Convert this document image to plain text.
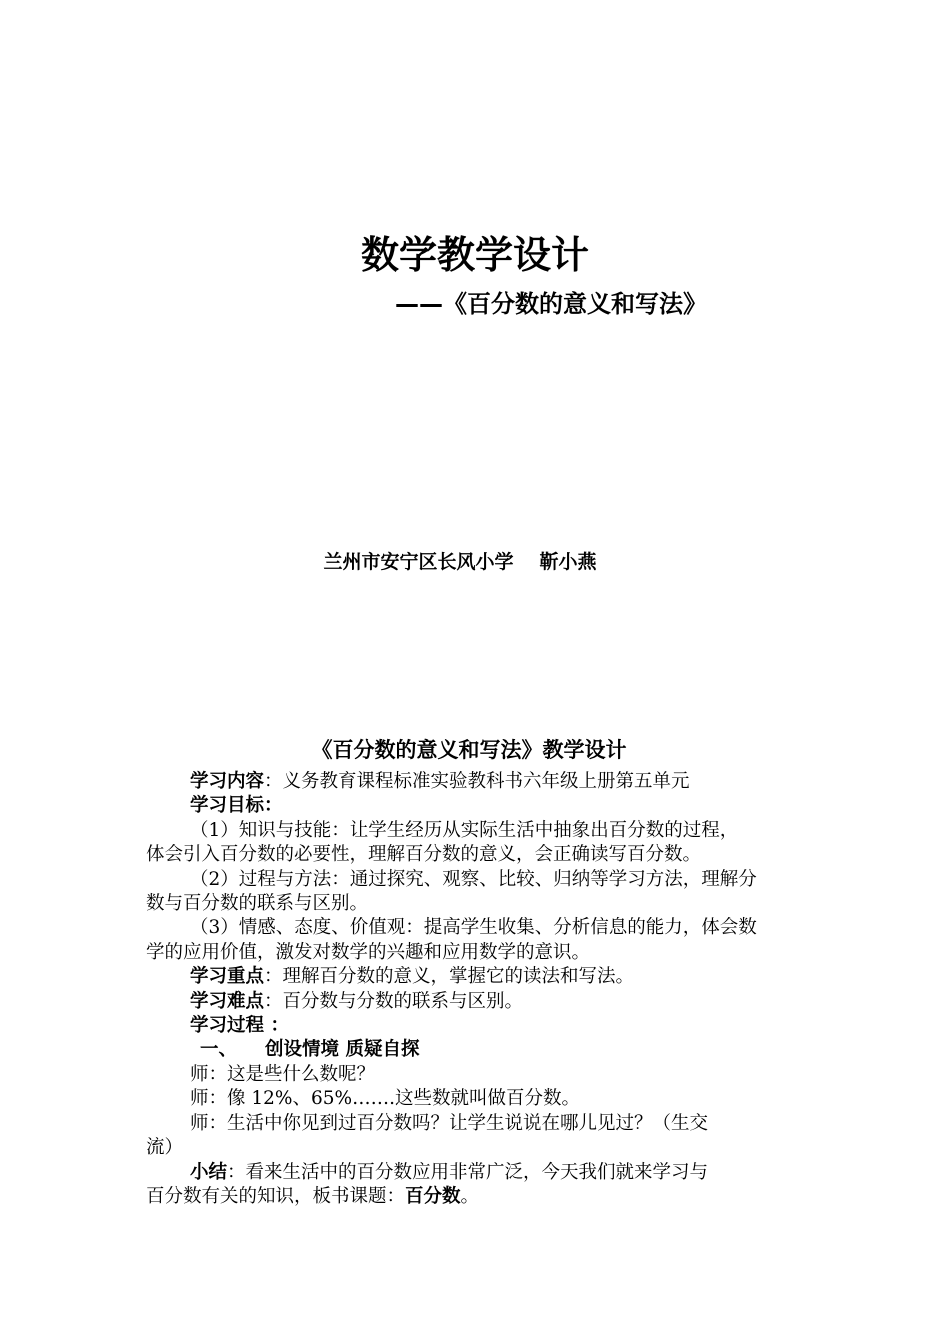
数学教学设计
——《百分数的意义和写法》
兰州市安宁区长风小学 靳小燕
《百分数的意义和写法》教学设计

学习内容：义务教育课程标准实验教科书六年级上册第五单元

学习目标：

（1）知识与技能：让学生经历从实际生活中抽象出百分数的过程，

体会引入百分数的必要性，理解百分数的意义，会正确读写百分数。

（2）过程与方法：通过探究、观察、比较、归纳等学习方法，理解分

数与百分数的联系与区别。

（3）情感、态度、价值观：提高学生收集、分析信息的能力，体会数

学的应用价值，激发对数学的兴趣和应用数学的意识。

学习重点：理解百分数的意义，掌握它的读法和写法。

学习难点：百分数与分数的联系与区别。

学习过程 ：

一、 创设情境 质疑自探

师：这是些什么数呢？

师：像 12%、65%…….这些数就叫做百分数。

师：生活中你见到过百分数吗？让学生说说在哪儿见过？（生交

流）

小结：看来生活中的百分数应用非常广泛，今天我们就来学习与

百分数有关的知识，板书课题：百分数。
